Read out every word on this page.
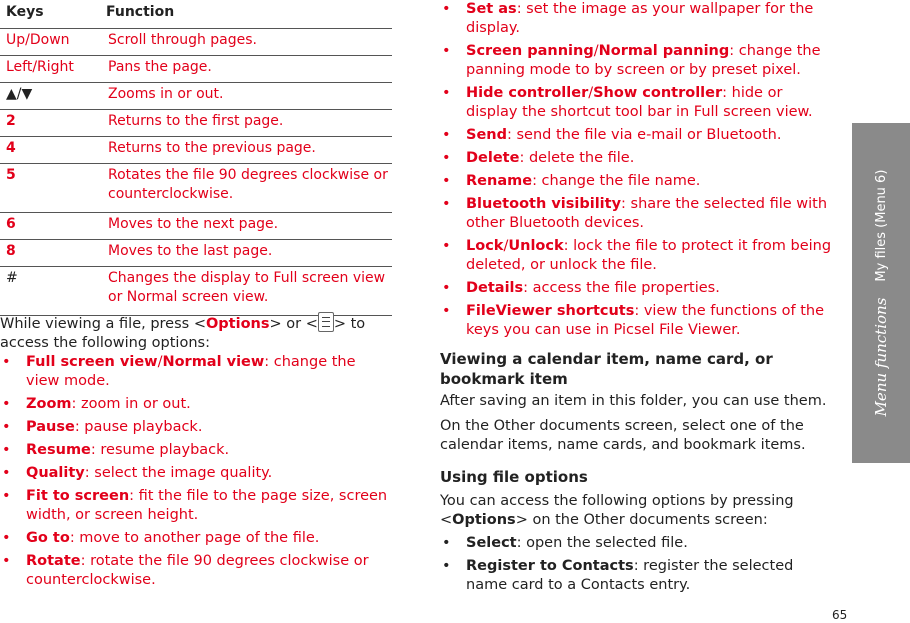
Keys	Function
Up/Down	Scroll through pages.
Left/Right	Pans the page.
▲/▼	Zooms in or out.
2	Returns to the first page.
4	Returns to the previous page.
5	Rotates the file 90 degrees clockwise or counterclockwise.
6	Moves to the next page.
8	Moves to the last page.
#	Changes the display to Full screen view or Normal screen view.

While viewing a file, press <Options> or < > to access the following options:

• Full screen view/Normal view: change the view mode.
• Zoom: zoom in or out.
• Pause: pause playback.
• Resume: resume playback.
• Quality: select the image quality.
• Fit to screen: fit the file to the page size, screen width, or screen height.
• Go to: move to another page of the file.
• Rotate: rotate the file 90 degrees clockwise or counterclockwise.
• Set as: set the image as your wallpaper for the display.
• Screen panning/Normal panning: change the panning mode to by screen or by preset pixel.
• Hide controller/Show controller: hide or display the shortcut tool bar in Full screen view.
• Send: send the file via e-mail or Bluetooth.
• Delete: delete the file.
• Rename: change the file name.
• Bluetooth visibility: share the selected file with other Bluetooth devices.
• Lock/Unlock: lock the file to protect it from being deleted, or unlock the file.
• Details: access the file properties.
• FileViewer shortcuts: view the functions of the keys you can use in Picsel File Viewer.
Viewing a calendar item, name card, or bookmark item

After saving an item in this folder, you can use them.

On the Other documents screen, select one of the calendar items, name cards, and bookmark items.

Using file options

You can access the following options by pressing <Options> on the Other documents screen:

• Select: open the selected file.
• Register to Contacts: register the selected name card to a Contacts entry.
Menu functions
My files (Menu 6)
65
